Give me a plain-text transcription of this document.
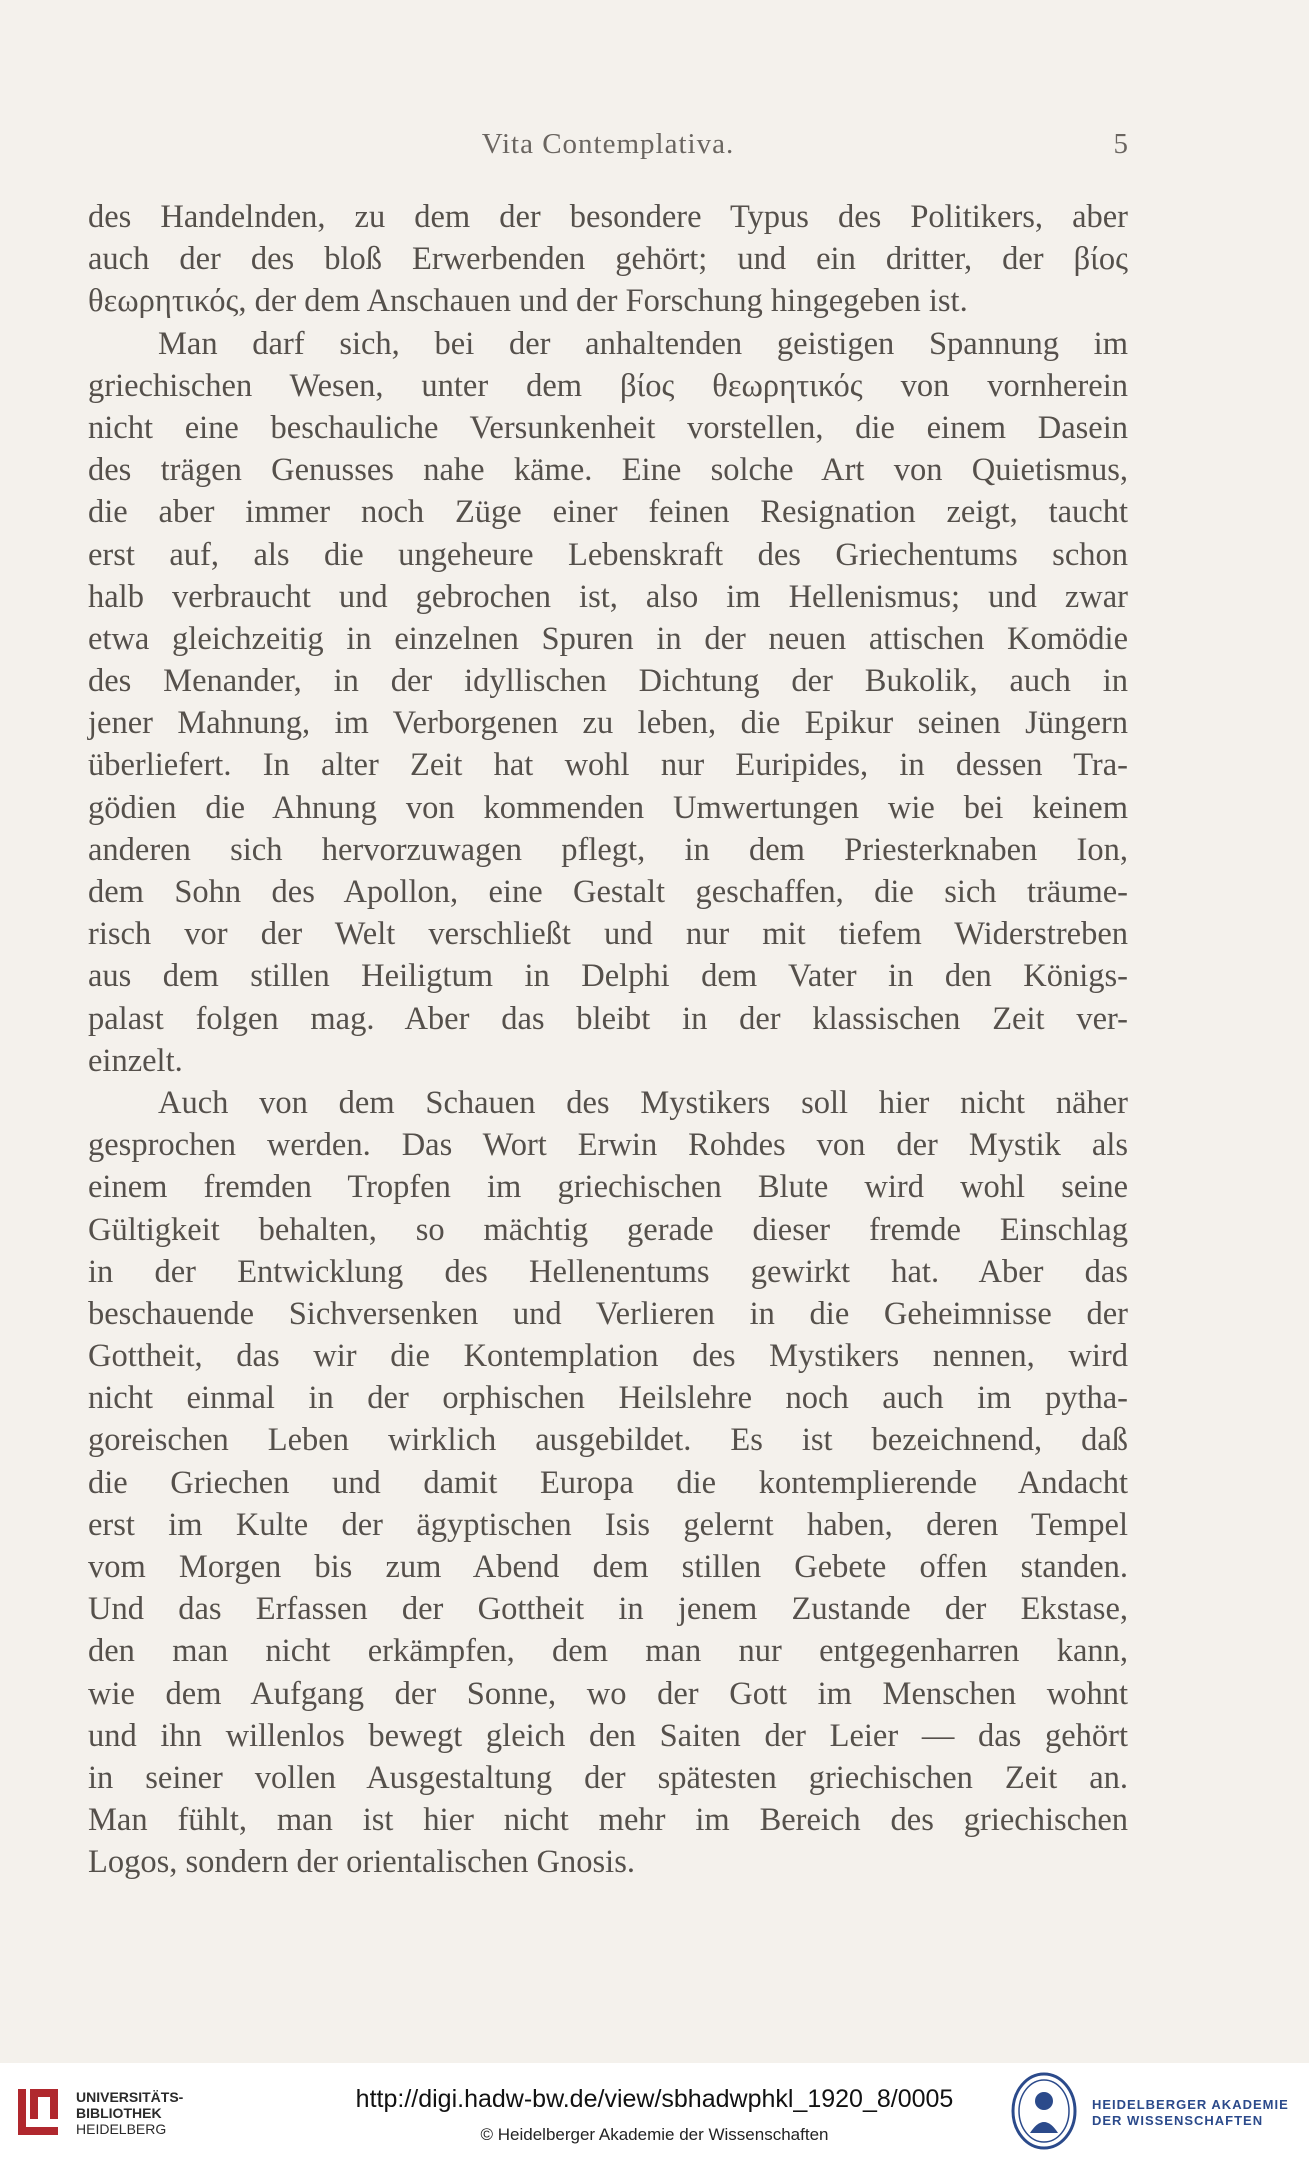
Vita Contemplativa.	5
des Handelnden, zu dem der besondere Typus des Politikers, aber
auch der des bloß Erwerbenden gehört; und ein dritter, der βίος
θεωρητικός, der dem Anschauen und der Forschung hingegeben ist.
Man darf sich, bei der anhaltenden geistigen Spannung im
griechischen Wesen, unter dem βίος θεωρητικός von vornherein
nicht eine beschauliche Versunkenheit vorstellen, die einem Dasein
des trägen Genusses nahe käme. Eine solche Art von Quietismus,
die aber immer noch Züge einer feinen Resignation zeigt, taucht
erst auf, als die ungeheure Lebenskraft des Griechentums schon
halb verbraucht und gebrochen ist, also im Hellenismus; und zwar
etwa gleichzeitig in einzelnen Spuren in der neuen attischen Komödie
des Menander, in der idyllischen Dichtung der Bukolik, auch in
jener Mahnung, im Verborgenen zu leben, die Epikur seinen Jüngern
überliefert. In alter Zeit hat wohl nur Euripides, in dessen Tra-
gödien die Ahnung von kommenden Umwertungen wie bei keinem
anderen sich hervorzuwagen pflegt, in dem Priesterknaben Ion,
dem Sohn des Apollon, eine Gestalt geschaffen, die sich träume-
risch vor der Welt verschließt und nur mit tiefem Widerstreben
aus dem stillen Heiligtum in Delphi dem Vater in den Königs-
palast folgen mag. Aber das bleibt in der klassischen Zeit ver-
einzelt.
Auch von dem Schauen des Mystikers soll hier nicht näher
gesprochen werden. Das Wort Erwin Rohdes von der Mystik als
einem fremden Tropfen im griechischen Blute wird wohl seine
Gültigkeit behalten, so mächtig gerade dieser fremde Einschlag
in der Entwicklung des Hellenentums gewirkt hat. Aber das
beschauende Sichversenken und Verlieren in die Geheimnisse der
Gottheit, das wir die Kontemplation des Mystikers nennen, wird
nicht einmal in der orphischen Heilslehre noch auch im pytha-
goreischen Leben wirklich ausgebildet. Es ist bezeichnend, daß
die Griechen und damit Europa die kontemplierende Andacht
erst im Kulte der ägyptischen Isis gelernt haben, deren Tempel
vom Morgen bis zum Abend dem stillen Gebete offen standen.
Und das Erfassen der Gottheit in jenem Zustande der Ekstase,
den man nicht erkämpfen, dem man nur entgegenharren kann,
wie dem Aufgang der Sonne, wo der Gott im Menschen wohnt
und ihn willenlos bewegt gleich den Saiten der Leier — das gehört
in seiner vollen Ausgestaltung der spätesten griechischen Zeit an.
Man fühlt, man ist hier nicht mehr im Bereich des griechischen
Logos, sondern der orientalischen Gnosis.
UNIVERSITÄTS-
BIBLIOTHEK
HEIDELBERG
http://digi.hadw-bw.de/view/sbhadwphkl_1920_8/0005
© Heidelberger Akademie der Wissenschaften
HEIDELBERGER AKADEMIE
DER WISSENSCHAFTEN
